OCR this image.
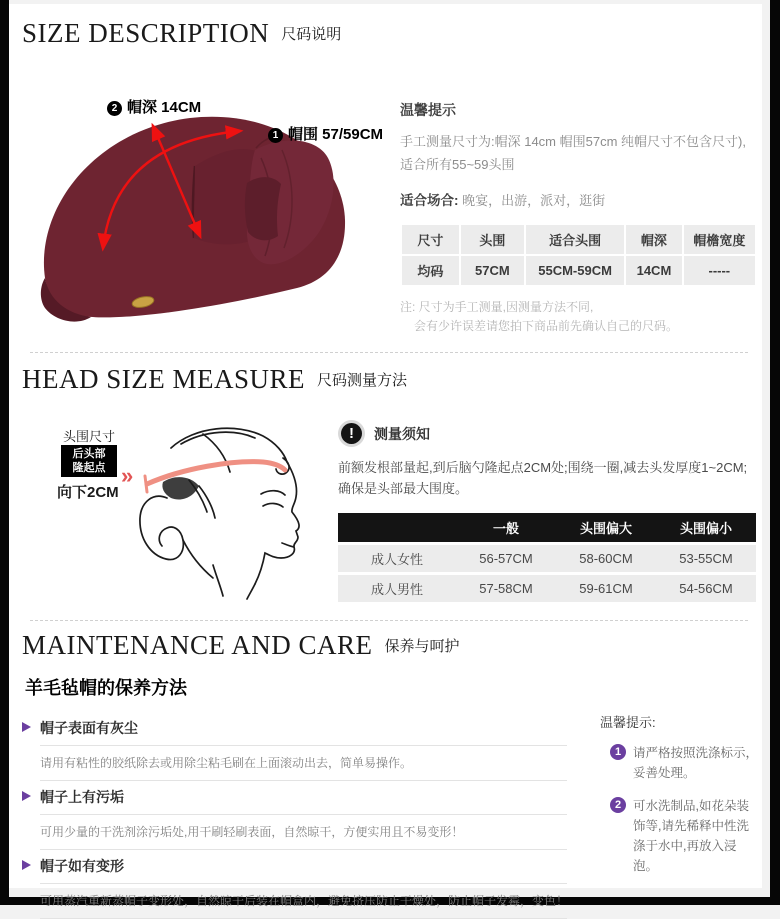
SIZE DESCRIPTION 尺码说明
2 帽深 14CM
1 帽围 57/59CM
温馨提示

手工测量尺寸为:帽深 14cm 帽围57cm 纯帽尺寸不包含尺寸),适合所有55~59头围

适合场合: 晚宴，出游，派对，逛街

尺寸	头围	适合头围	帽深	帽檐宽度
均码	57CM	55CM-59CM	14CM	-----

注: 尺寸为手工测量,因测量方法不同,
会有少许误差请您拍下商品前先确认自己的尺码。

HEAD SIZE MEASURE 尺码测量方法
头围尺寸
后头部
隆起点
向下2CM
»
!	测量须知

前额发根部量起,到后脑勺隆起点2CM处;围绕一圈,减去头发厚度1~2CM;确保是头部最大围度。

	一般	头围偏大	头围偏小
成人女性	56-57CM	58-60CM	53-55CM
成人男性	57-58CM	59-61CM	54-56CM
MAINTENANCE AND CARE 保养与呵护
羊毛毡帽的保养方法
帽子表面有灰尘
请用有粘性的胶纸除去或用除尘粘毛刷在上面滚动出去，简单易操作。
帽子上有污垢
可用少量的干洗剂涂污垢处,用干刷轻刷表面，自然晾干，方便实用且不易变形！
帽子如有变形
可用蒸汽重新蒸帽子变形处，自然晾干后装在帽盒内，避免挤压防止干燥处，防止帽子发霉，变色！
温馨提示:
1 请严格按照洗涤标示，妥善处理。
2 可水洗制品,如花朵装饰等,请先稀释中性洗涤于水中,再放入浸泡。
